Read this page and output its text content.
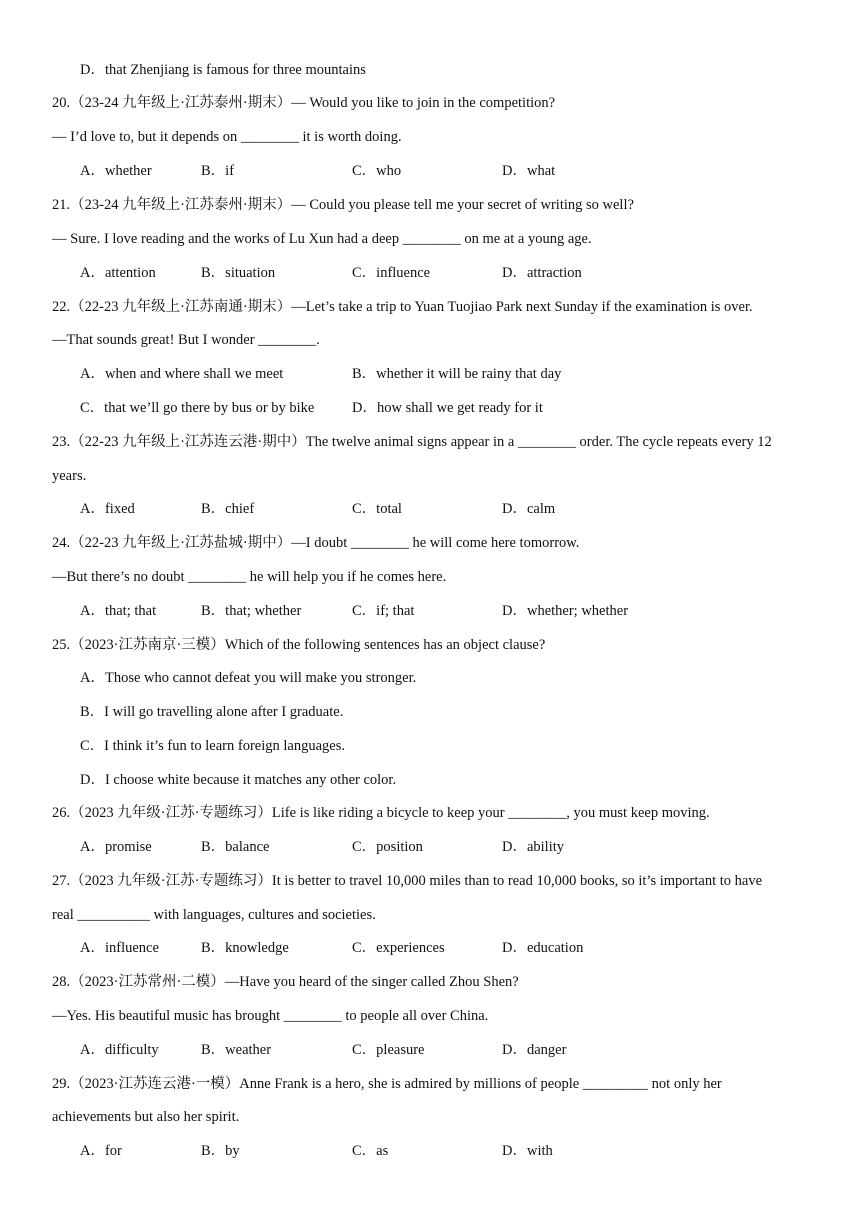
D．that Zhenjiang is famous for three mountains
20.（23-24 九年级上·江苏泰州·期末）— Would you like to join in the competition?
— I’d love to, but it depends on ________ it is worth doing.
A．whether	B．if	C．who	D．what
21.（23-24 九年级上·江苏泰州·期末）— Could you please tell me your secret of writing so well?
— Sure. I love reading and the works of Lu Xun had a deep ________ on me at a young age.
A．attention	B．situation	C．influence	D．attraction
22.（22-23 九年级上·江苏南通·期末）—Let’s take a trip to Yuan Tuojiao Park next Sunday if the examination is over.
—That sounds great! But I wonder ________.
A．when and where shall we meet	B．whether it will be rainy that day
C．that we’ll go there by bus or by bike	D．how shall we get ready for it
23.（22-23 九年级上·江苏连云港·期中）The twelve animal signs appear in a ________ order. The cycle repeats every 12
years.
A．fixed	B．chief	C．total	D．calm
24.（22-23 九年级上·江苏盐城·期中）—I doubt ________ he will come here tomorrow.
—But there’s no doubt ________ he will help you if he comes here.
A．that; that	B．that; whether	C．if; that	D．whether; whether
25.（2023·江苏南京·三模）Which of the following sentences has an object clause?
A．Those who cannot defeat you will make you stronger.
B．I will go travelling alone after I graduate.
C．I think it’s fun to learn foreign languages.
D．I choose white because it matches any other color.
26.（2023 九年级·江苏·专题练习）Life is like riding a bicycle to keep your ________, you must keep moving.
A．promise	B．balance	C．position	D．ability
27.（2023 九年级·江苏·专题练习）It is better to travel 10,000 miles than to read 10,000 books, so it’s important to have
real __________ with languages, cultures and societies.
A．influence	B．knowledge	C．experiences	D．education
28.（2023·江苏常州·二模）—Have you heard of the singer called Zhou Shen?
—Yes. His beautiful music has brought ________ to people all over China.
A．difficulty	B．weather	C．pleasure	D．danger
29.（2023·江苏连云港·一模）Anne Frank is a hero, she is admired by millions of people _________ not only her
achievements but also her spirit.
A．for	B．by	C．as	D．with
